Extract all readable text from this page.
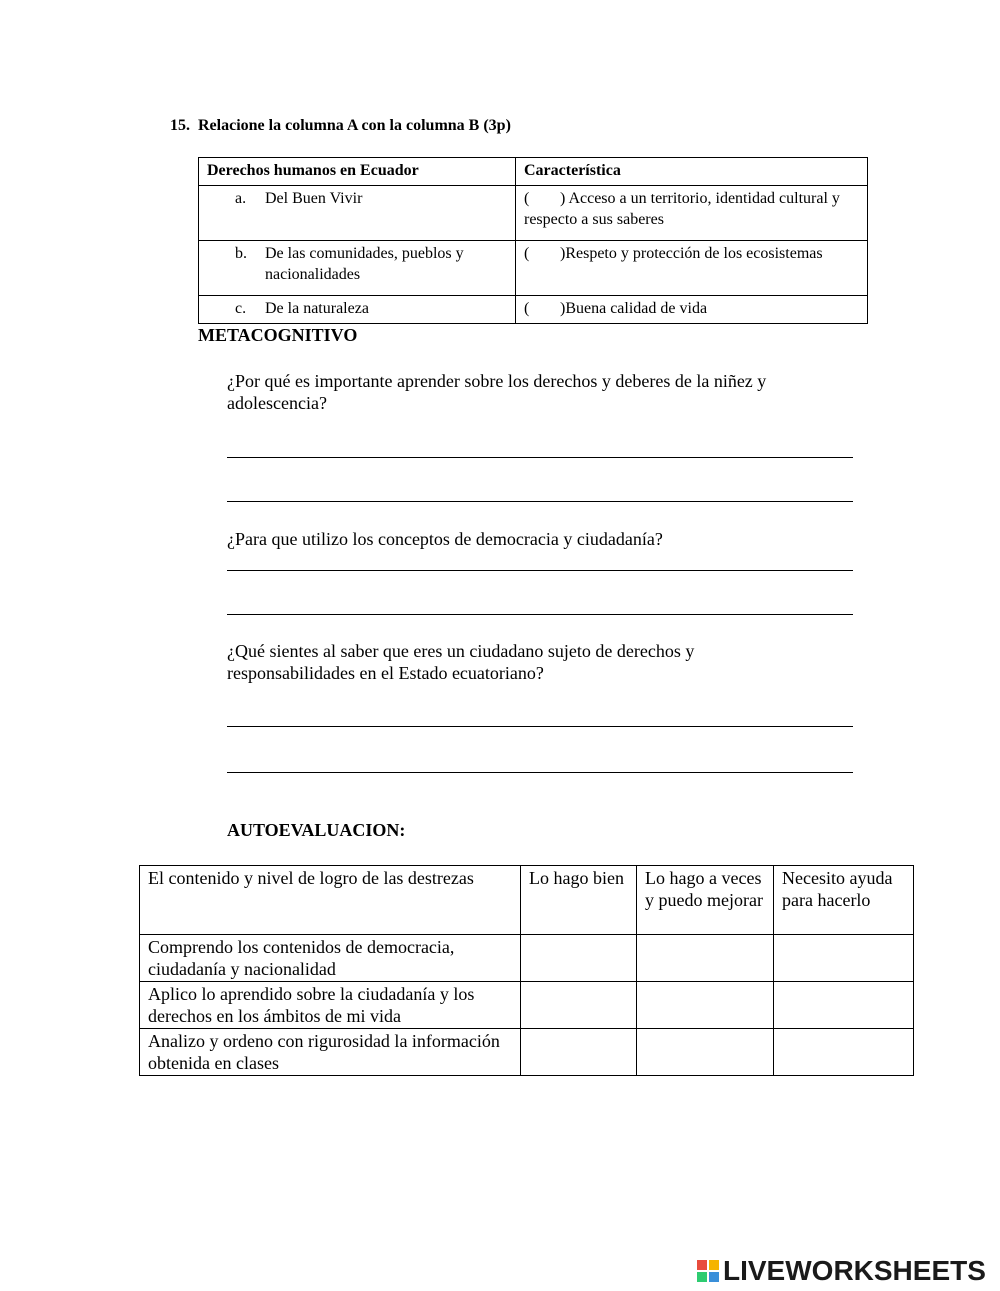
15. Relacione la columna A con la columna B (3p)
Derechos humanos en Ecuador	Característica

a. Del Buen Vivir	( ) Acceso a un territorio, identidad cultural y respecto a sus saberes

b. De las comunidades, pueblos y nacionalidades	( )Respeto y protección de los ecosistemas

c. De la naturaleza	( )Buena calidad de vida
METACOGNITIVO
¿Por qué es importante aprender sobre los derechos y deberes de la niñez y adolescencia?
¿Para que utilizo los conceptos de democracia y ciudadanía?
¿Qué sientes al saber que eres un ciudadano sujeto de derechos y responsabilidades en el Estado ecuatoriano?
AUTOEVALUACION:
El contenido y nivel de logro de las destrezas	Lo hago bien	Lo hago a veces y puedo mejorar	Necesito ayuda para hacerlo
Comprendo los contenidos de democracia, ciudadanía y nacionalidad			
Aplico lo aprendido sobre la ciudadanía y los derechos en los ámbitos de mi vida			
Analizo y ordeno con rigurosidad la información obtenida en clases			
LIVEWORKSHEETS
